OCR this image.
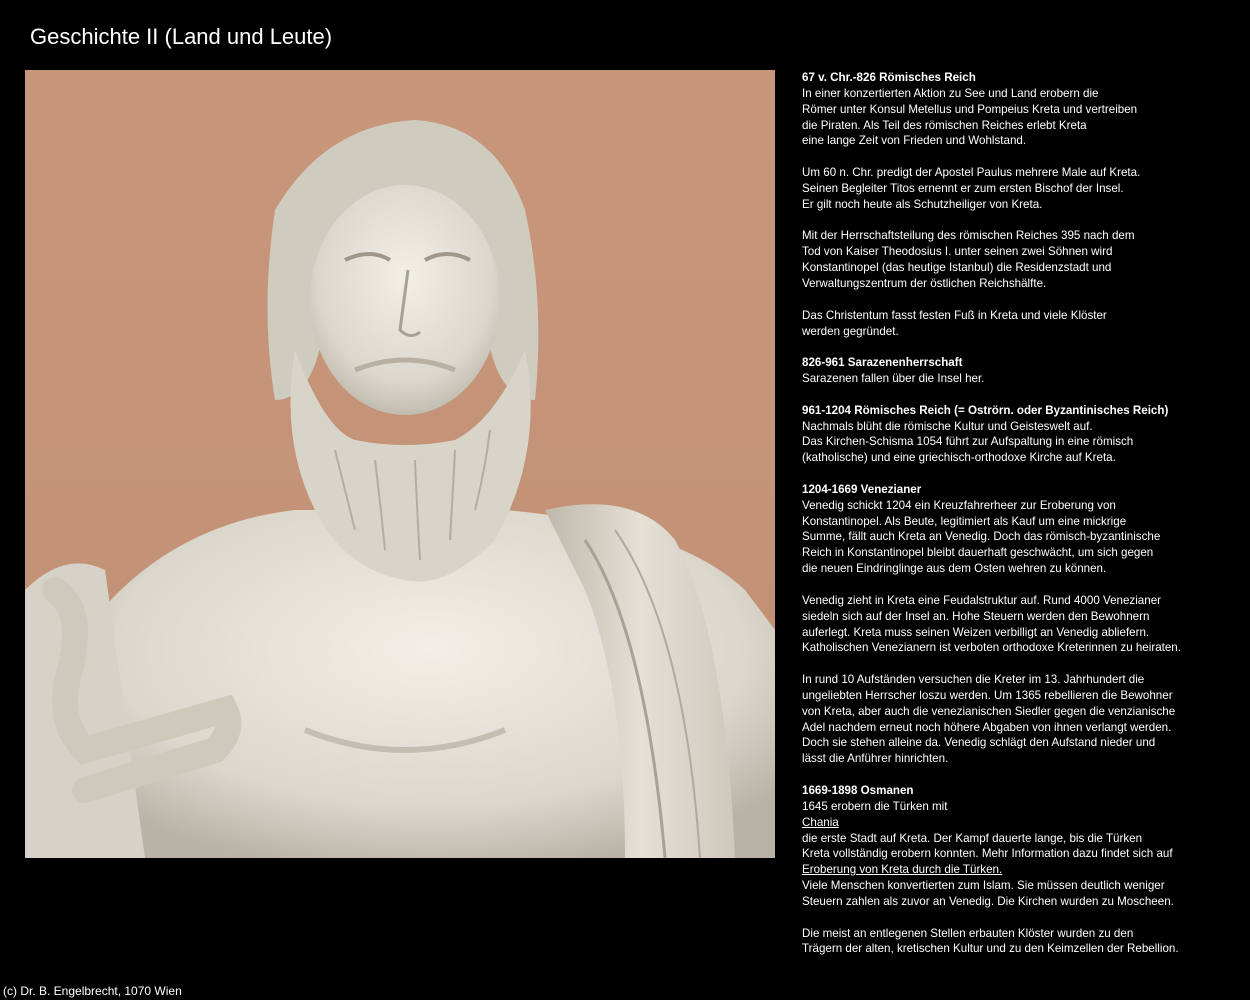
Geschichte II (Land und Leute)
67 v. Chr.-826 Römisches Reich
In einer konzertierten Aktion zu See und Land erobern die
Römer unter Konsul Metellus und Pompeius Kreta und vertreiben
die Piraten. Als Teil des römischen Reiches erlebt Kreta
eine lange Zeit von Frieden und Wohlstand.
Um 60 n. Chr. predigt der Apostel Paulus mehrere Male auf Kreta.
Seinen Begleiter Titos ernennt er zum ersten Bischof der Insel.
Er gilt noch heute als Schutzheiliger von Kreta.
Mit der Herrschaftsteilung des römischen Reiches 395 nach dem
Tod von Kaiser Theodosius I. unter seinen zwei Söhnen wird
Konstantinopel (das heutige Istanbul) die Residenzstadt und
Verwaltungszentrum der östlichen Reichshälfte.
Das Christentum fasst festen Fuß in Kreta und viele Klöster
werden gegründet.
826-961 Sarazenenherrschaft
Sarazenen fallen über die Insel her.
961-1204 Römisches Reich (= Oströrn. oder Byzantinisches Reich)
Nachmals blüht die römische Kultur und Geisteswelt auf.
Das Kirchen-Schisma 1054 führt zur Aufspaltung in eine römisch
(katholische) und eine griechisch-orthodoxe Kirche auf Kreta.
1204-1669 Venezianer
Venedig schickt 1204 ein Kreuzfahrerheer zur Eroberung von
Konstantinopel. Als Beute, legitimiert als Kauf um eine mickrige
Summe, fällt auch Kreta an Venedig. Doch das römisch-byzantinische
Reich in Konstantinopel bleibt dauerhaft geschwächt, um sich gegen
die neuen Eindringlinge aus dem Osten wehren zu können.
Venedig zieht in Kreta eine Feudalstruktur auf. Rund 4000 Venezianer
siedeln sich auf der Insel an. Hohe Steuern werden den Bewohnern
auferlegt. Kreta muss seinen Weizen verbilligt an Venedig abliefern.
Katholischen Venezianern ist verboten orthodoxe Kreterinnen zu heiraten.
In rund 10 Aufständen versuchen die Kreter im 13. Jahrhundert die
ungeliebten Herrscher loszu werden. Um 1365 rebellieren die Bewohner
von Kreta, aber auch die venezianischen Siedler gegen die venzianische
Adel nachdem erneut noch höhere Abgaben von ihnen verlangt werden.
Doch sie stehen alleine da. Venedig schlägt den Aufstand nieder und
lässt die Anführer hinrichten.
1669-1898 Osmanen
1645 erobern die Türken mit
Chania
die erste Stadt auf Kreta. Der Kampf dauerte lange, bis die Türken
Kreta vollständig erobern konnten. Mehr Information dazu findet sich auf
Eroberung von Kreta durch die Türken.
Viele Menschen konvertierten zum Islam. Sie müssen deutlich weniger
Steuern zahlen als zuvor an Venedig. Die Kirchen wurden zu Moscheen.
Die meist an entlegenen Stellen erbauten Klöster wurden zu den
Trägern der alten, kretischen Kultur und zu den Keimzellen der Rebellion.
(c) Dr. B. Engelbrecht, 1070 Wien
